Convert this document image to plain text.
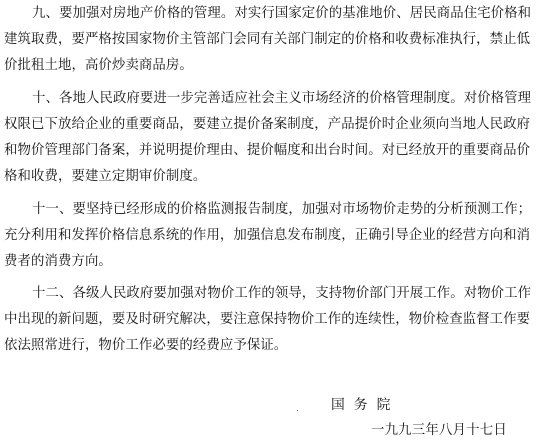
九、要加强对房地产价格的管理。对实行国家定价的基准地价、居民商品住宅价格和
建筑取费，要严格按国家物价主管部门会同有关部门制定的价格和收费标准执行，禁止低
价批租土地，高价炒卖商品房。
十、各地人民政府要进一步完善适应社会主义市场经济的价格管理制度。对价格管理
权限已下放给企业的重要商品，要建立提价备案制度，产品提价时企业须向当地人民政府
和物价管理部门备案，并说明提价理由、提价幅度和出台时间。对已经放开的重要商品价
格和收费，要建立定期审价制度。
十一、要坚持已经形成的价格监测报告制度，加强对市场物价走势的分析预测工作；
充分利用和发挥价格信息系统的作用，加强信息发布制度，正确引导企业的经营方向和消
费者的消费方向。
十二、各级人民政府要加强对物价工作的领导，支持物价部门开展工作。对物价工作
中出现的新问题，要及时研究解决，要注意保持物价工作的连续性，物价检查监督工作要
依法照常进行，物价工作必要的经费应予保证。
国务院
一九九三年八月十七日
